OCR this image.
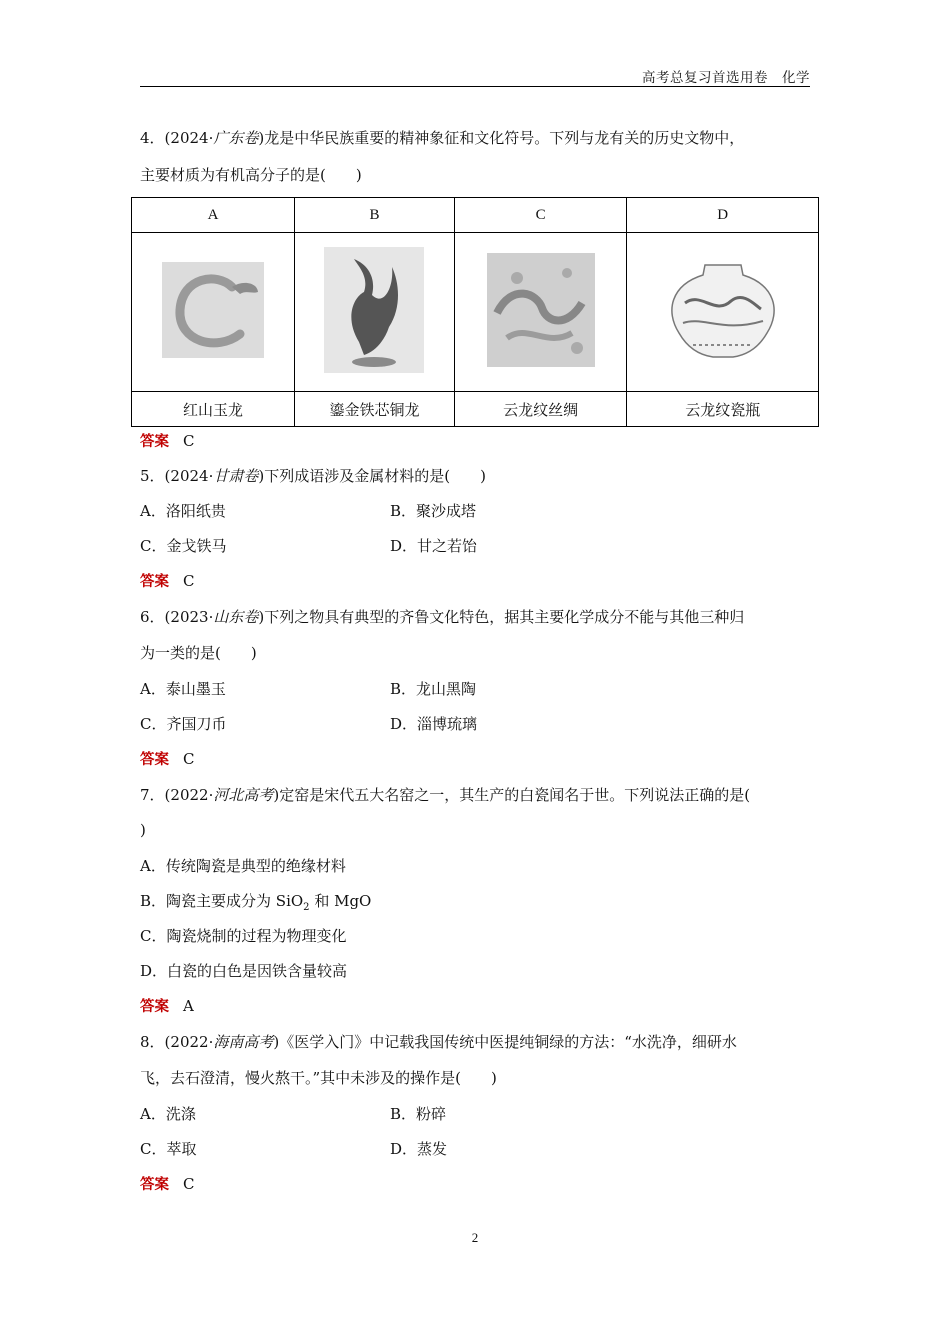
高考总复习首选用卷　化学
4．(2024·广东卷)龙是中华民族重要的精神象征和文化符号。下列与龙有关的历史文物中，
主要材质为有机高分子的是(　　)
A	B	C	D

红山玉龙	鎏金铁芯铜龙	云龙纹丝绸	云龙纹瓷瓶
答案 C
5．(2024·甘肃卷)下列成语涉及金属材料的是(　　)
A．洛阳纸贵	B．聚沙成塔
C．金戈铁马	D．甘之若饴
答案 C
6．(2023·山东卷)下列之物具有典型的齐鲁文化特色，据其主要化学成分不能与其他三种归
为一类的是(　　)
A．泰山墨玉	B．龙山黑陶
C．齐国刀币	D．淄博琉璃
答案 C
7．(2022·河北高考)定窑是宋代五大名窑之一，其生产的白瓷闻名于世。下列说法正确的是(
)
A．传统陶瓷是典型的绝缘材料
B．陶瓷主要成分为 SiO$_2$ 和 MgO
C．陶瓷烧制的过程为物理变化
D．白瓷的白色是因铁含量较高
答案 A
8．(2022·海南高考)《医学入门》中记载我国传统中医提纯铜绿的方法：“水洗净，细研水
飞，去石澄清，慢火熬干。”其中未涉及的操作是(　　)
A．洗涤	B．粉碎
C．萃取	D．蒸发
答案 C
2
